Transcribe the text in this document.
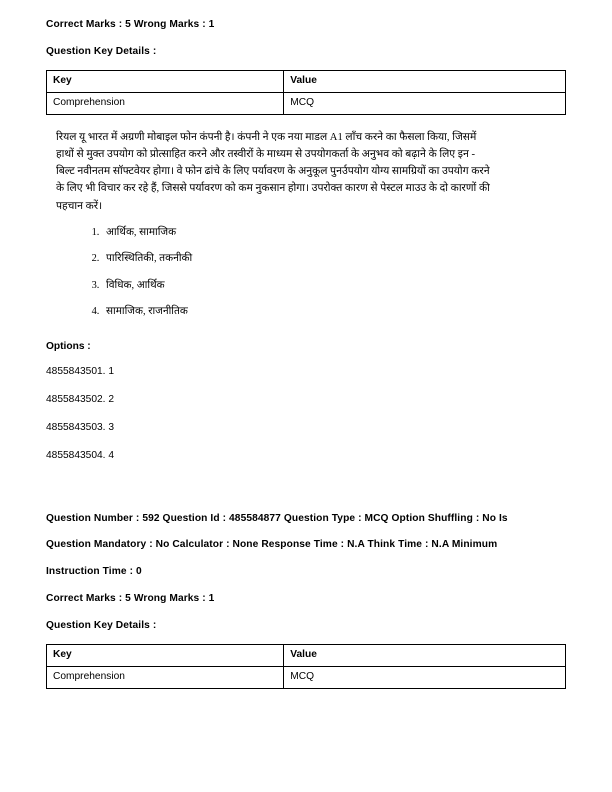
Correct Marks : 5 Wrong Marks : 1
Question Key Details :
Key	Value
Comprehension	MCQ
रियल यू भारत में अग्रणी मोबाइल फोन कंपनी है। कंपनी ने एक नया माडल A1 लॉंच करने का फैसला किया, जिसमें
हाथों से मुक्त उपयोग को प्रोत्साहित करने और तस्वीरों के माध्यम से उपयोगकर्ता के अनुभव को बढ़ाने के लिए इन -
बिल्ट नवीनतम सॉफ्टवेयर होगा। वे फोन ढांचे के लिए पर्यावरण के अनुकूल पुनर्उपयोग योग्य सामग्रियों का उपयोग करने
के लिए भी विचार कर रहे हैं, जिससे पर्यावरण को कम नुकसान होगा। उपरोक्त कारण से पेस्टल माउउ के दो कारणों की
पहचान करें।
1. आर्थिक, सामाजिक
2. पारिस्थितिकी, तकनीकी
3. विधिक, आर्थिक
4. सामाजिक, राजनीतिक
Options :
4855843501. 1
4855843502. 2
4855843503. 3
4855843504. 4
Question Number : 592 Question Id : 485584877 Question Type : MCQ Option Shuffling : No Is
Question Mandatory : No Calculator : None Response Time : N.A Think Time : N.A Minimum
Instruction Time : 0
Correct Marks : 5 Wrong Marks : 1
Question Key Details :
Key	Value
Comprehension	MCQ
